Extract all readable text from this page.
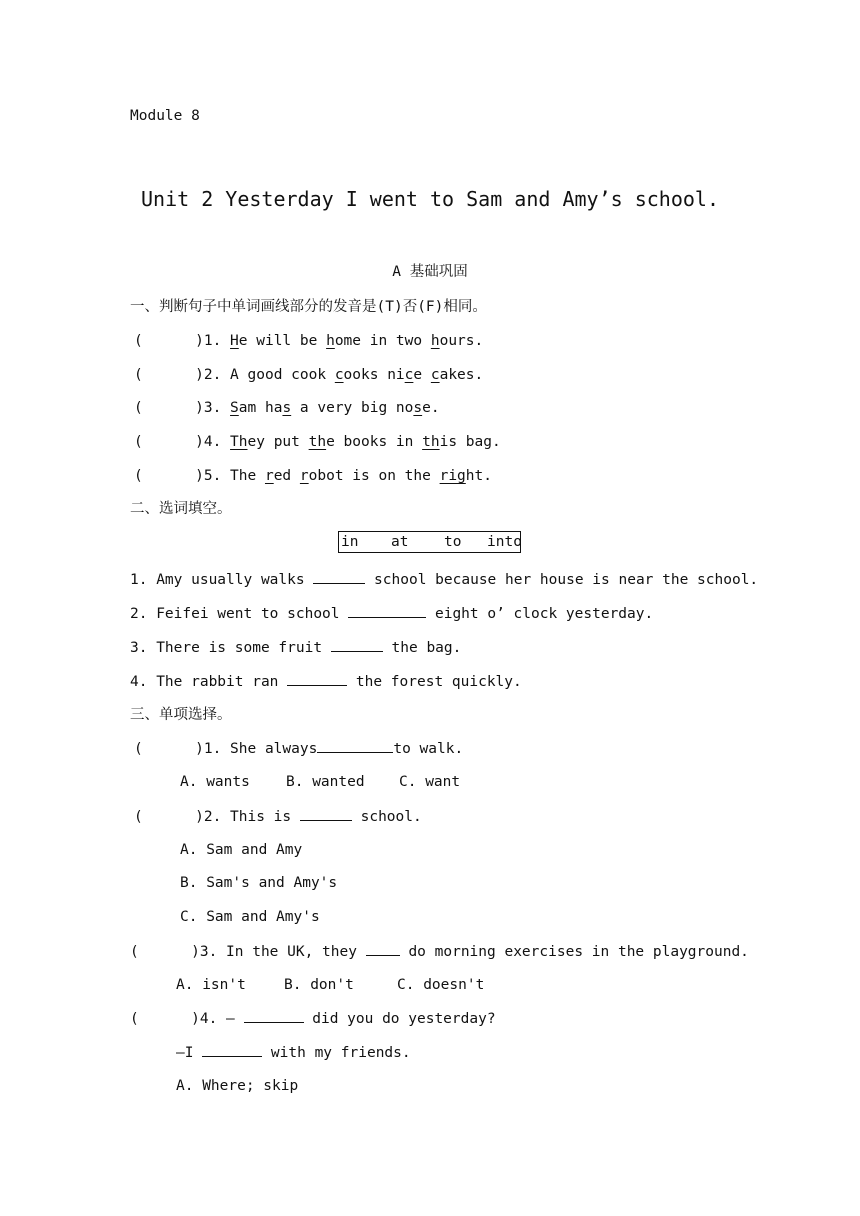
Module 8
Unit 2 Yesterday I went to Sam and Amy’s school.
A 基础巩固
一、判断句子中单词画线部分的发音是(T)否(F)相同。
(      )1. He will be home in two hours.
(      )2. A good cook cooks nice cakes.
(      )3. Sam has a very big nose.
(      )4. They put the books in this bag.
(      )5. The red robot is on the right.
二、选词填空。

in

at

to

into

1. Amy usually walks	school because her house is near the school.
2. Feifei went to school	eight o’ clock yesterday.
3. There is some fruit	the bag.
4. The rabbit ran	the forest quickly.
三、单项选择。
(      )1. She always	to walk.
A. wants B. wanted C. want
(      )2. This is	school.
A. Sam and Amy
B. Sam's and Amy's
C. Sam and Amy's
(      )3. In the UK, they  do morning exercises in the playground.
A. isn't	B. don't	C. doesn't
(      )4. —	did you do yesterday?
—I	with my friends.
A. Where; skip
